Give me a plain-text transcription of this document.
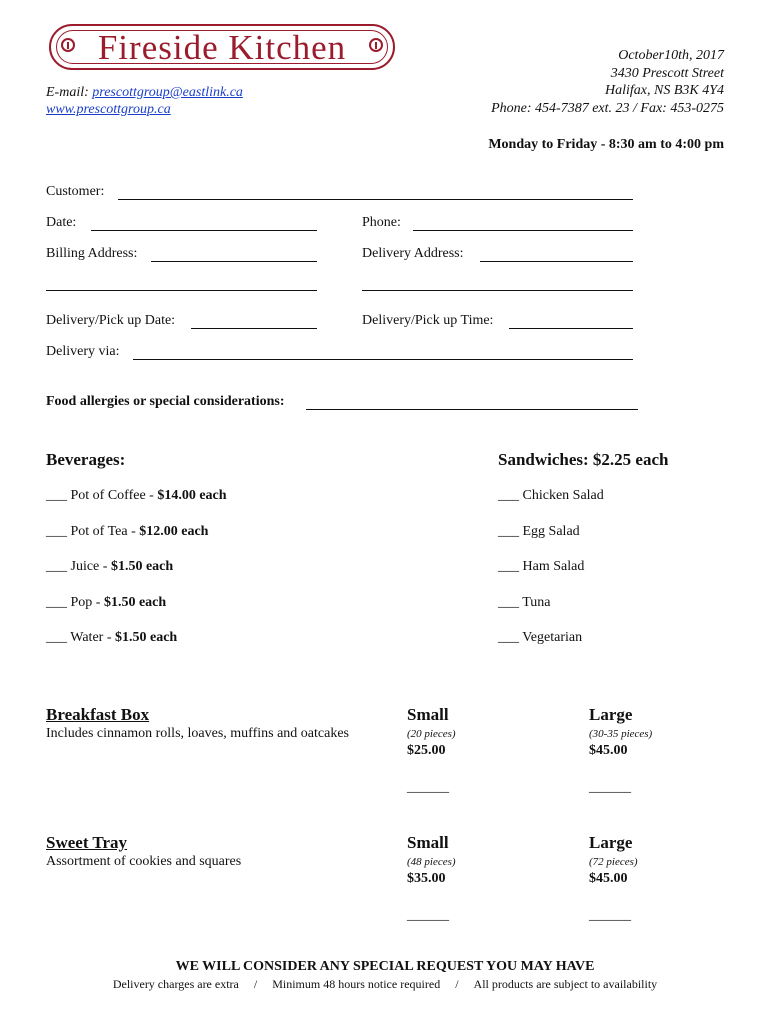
Fireside Kitchen
E-mail: prescottgroup@eastlink.ca
www.prescottgroup.ca
October10th, 2017
3430 Prescott Street
Halifax, NS B3K 4Y4
Phone: 454-7387 ext. 23 / Fax: 453-0275
Monday to Friday - 8:30 am to 4:00 pm
Customer:
Date:	Phone:
Billing Address:	Delivery Address:
Delivery/Pick up Date:	Delivery/Pick up Time:
Delivery via:
Food allergies or special considerations:
Beverages:
___ Pot of Coffee - $14.00 each
___ Pot of Tea - $12.00 each
___ Juice - $1.50 each
___ Pop - $1.50 each
___ Water - $1.50 each
Sandwiches: $2.25 each
___ Chicken Salad
___ Egg Salad
___ Ham Salad
___ Tuna
___ Vegetarian
Breakfast Box
Includes cinnamon rolls, loaves, muffins and oatcakes
Small
(20 pieces)
$25.00
______
Large
(30-35 pieces)
$45.00
______
Sweet Tray
Assortment of cookies and squares
Small
(48 pieces)
$35.00
______
Large
(72 pieces)
$45.00
______
WE WILL CONSIDER ANY SPECIAL REQUEST YOU MAY HAVE
Delivery charges are extra / Minimum 48 hours notice required / All products are subject to availability
